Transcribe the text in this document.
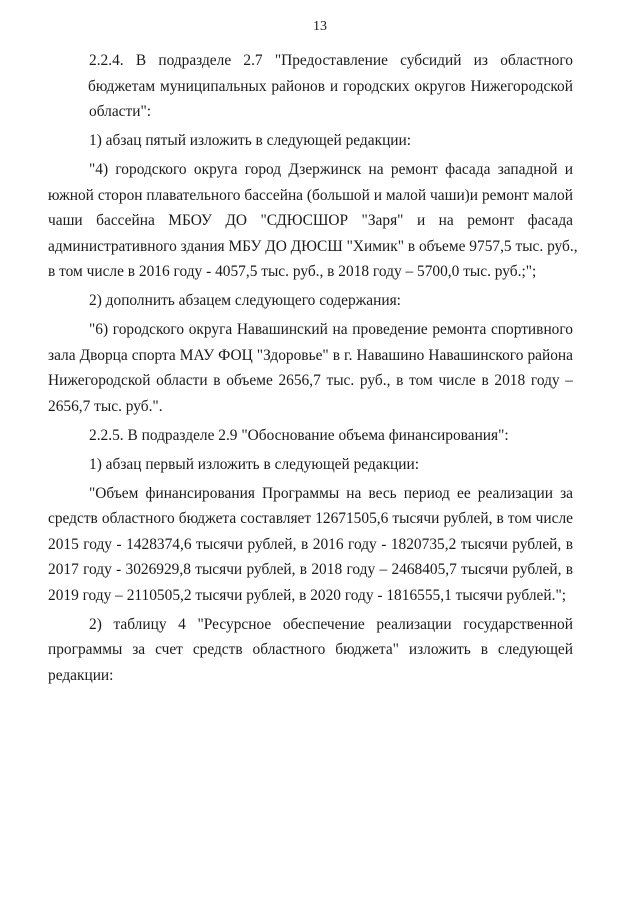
13
2.2.4. В подразделе 2.7 "Предоставление субсидий из областного
бюджетам муниципальных районов и городских округов Нижегородской
области":
1) абзац пятый изложить в следующей редакции:
"4) городского округа город Дзержинск на ремонт фасада западной и
южной сторон плавательного бассейна (большой и малой чаши)и ремонт малой
чаши бассейна МБОУ ДО "СДЮСШОР "Заря" и на ремонт фасада
административного здания МБУ ДО ДЮСШ "Химик" в объеме 9757,5 тыс. руб.,
в том числе в 2016 году - 4057,5 тыс. руб., в 2018 году – 5700,0 тыс. руб.;";
2) дополнить абзацем следующего содержания:
"6) городского округа Навашинский на проведение ремонта спортивного
зала Дворца спорта МАУ ФОЦ "Здоровье" в г. Навашино Навашинского района
Нижегородской области в объеме 2656,7 тыс. руб., в том числе в 2018 году –
2656,7 тыс. руб.".
2.2.5. В подразделе 2.9 "Обоснование объема финансирования":
1) абзац первый изложить в следующей редакции:
"Объем финансирования Программы на весь период ее реализации за
средств областного бюджета составляет 12671505,6 тысячи рублей, в том числе
2015 году - 1428374,6 тысячи рублей, в 2016 году - 1820735,2 тысячи рублей, в
2017 году - 3026929,8 тысячи рублей, в 2018 году – 2468405,7 тысячи рублей, в
2019 году – 2110505,2 тысячи рублей, в 2020 году - 1816555,1 тысячи рублей.";
2) таблицу 4 "Ресурсное обеспечение реализации государственной
программы за счет средств областного бюджета" изложить в следующей
редакции:
